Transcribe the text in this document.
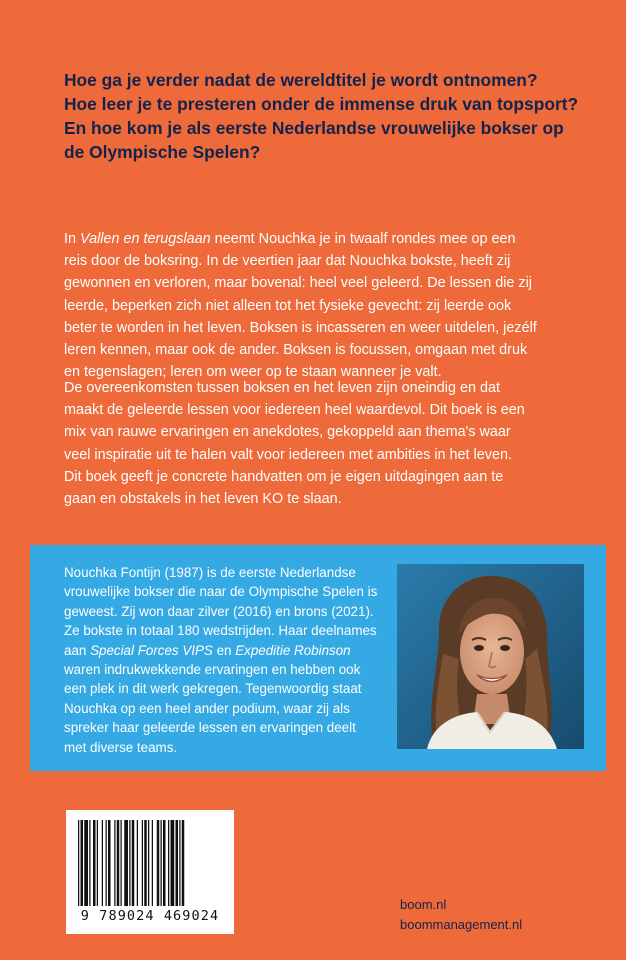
Hoe ga je verder nadat de wereldtitel je wordt ontnomen?

Hoe leer je te presteren onder de immense druk van topsport?

En hoe kom je als eerste Nederlandse vrouwelijke bokser op

de Olympische Spelen?

In Vallen en terugslaan neemt Nouchka je in twaalf rondes mee op een

reis door de boksring. In de veertien jaar dat Nouchka bokste, heeft zij

gewonnen en verloren, maar bovenal: heel veel geleerd. De lessen die zij

leerde, beperken zich niet alleen tot het fysieke gevecht: zij leerde ook

beter te worden in het leven. Boksen is incasseren en weer uitdelen, jezélf

leren kennen, maar ook de ander. Boksen is focussen, omgaan met druk

en tegenslagen; leren om weer op te staan wanneer je valt.

De overeenkomsten tussen boksen en het leven zijn oneindig en dat

maakt de geleerde lessen voor iedereen heel waardevol. Dit boek is een

mix van rauwe ervaringen en anekdotes, gekoppeld aan thema's waar

veel inspiratie uit te halen valt voor iedereen met ambities in het leven.

Dit boek geeft je concrete handvatten om je eigen uitdagingen aan te

gaan en obstakels in het leven KO te slaan.

Nouchka Fontijn (1987) is de eerste Nederlandse

vrouwelijke bokser die naar de Olympische Spelen is

geweest. Zij won daar zilver (2016) en brons (2021).

Ze bokste in totaal 180 wedstrijden. Haar deelnames

aan Special Forces VIPS en Expeditie Robinson

waren indrukwekkende ervaringen en hebben ook

een plek in dit werk gekregen. Tegenwoordig staat

Nouchka op een heel ander podium, waar zij als

spreker haar geleerde lessen en ervaringen deelt

met diverse teams.

9 789024 469024
boom.nl
boommanagement.nl
